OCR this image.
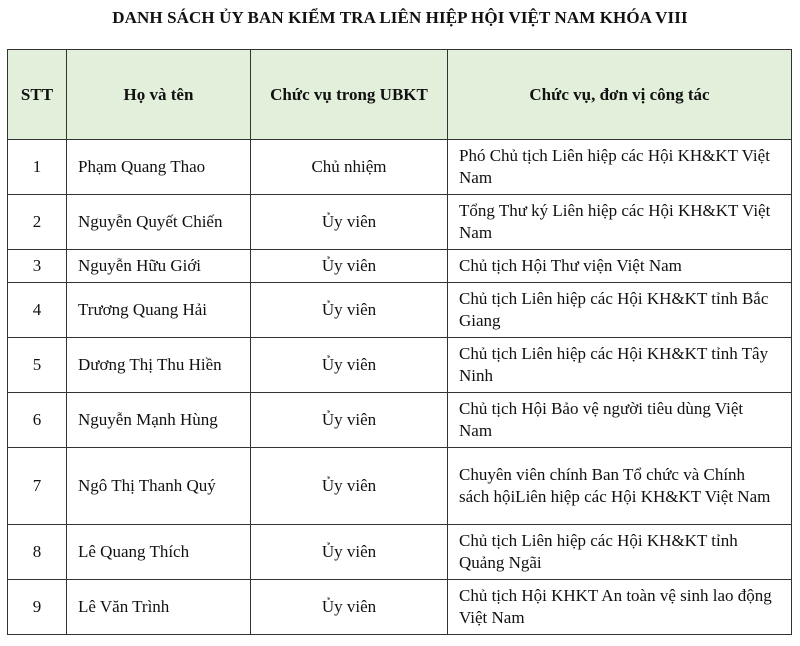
DANH SÁCH ỦY BAN KIỂM TRA LIÊN HIỆP HỘI VIỆT NAM KHÓA VIII
STT	Họ và tên	Chức vụ trong UBKT	Chức vụ, đơn vị công tác
1	Phạm Quang Thao	Chủ nhiệm	Phó Chủ tịch Liên hiệp các Hội KH&KT Việt Nam
2	Nguyễn Quyết Chiến	Ủy viên	Tổng Thư ký Liên hiệp các Hội KH&KT Việt Nam
3	Nguyễn Hữu Giới	Ủy viên	Chủ tịch Hội Thư viện Việt Nam
4	Trương Quang Hải	Ủy viên	Chủ tịch Liên hiệp các Hội KH&KT tỉnh Bắc Giang
5	Dương Thị Thu Hiền	Ủy viên	Chủ tịch Liên hiệp các Hội KH&KT tỉnh Tây Ninh
6	Nguyễn Mạnh Hùng	Ủy viên	Chủ tịch Hội Bảo vệ người tiêu dùng Việt Nam
7	Ngô Thị Thanh Quý	Ủy viên	Chuyên viên chính Ban Tổ chức và Chính sách hộiLiên hiệp các Hội KH&KT Việt Nam
8	Lê Quang Thích	Ủy viên	Chủ tịch Liên hiệp các Hội KH&KT tỉnh Quảng Ngãi
9	Lê Văn Trình	Ủy viên	Chủ tịch Hội KHKT An toàn vệ sinh lao động Việt Nam
